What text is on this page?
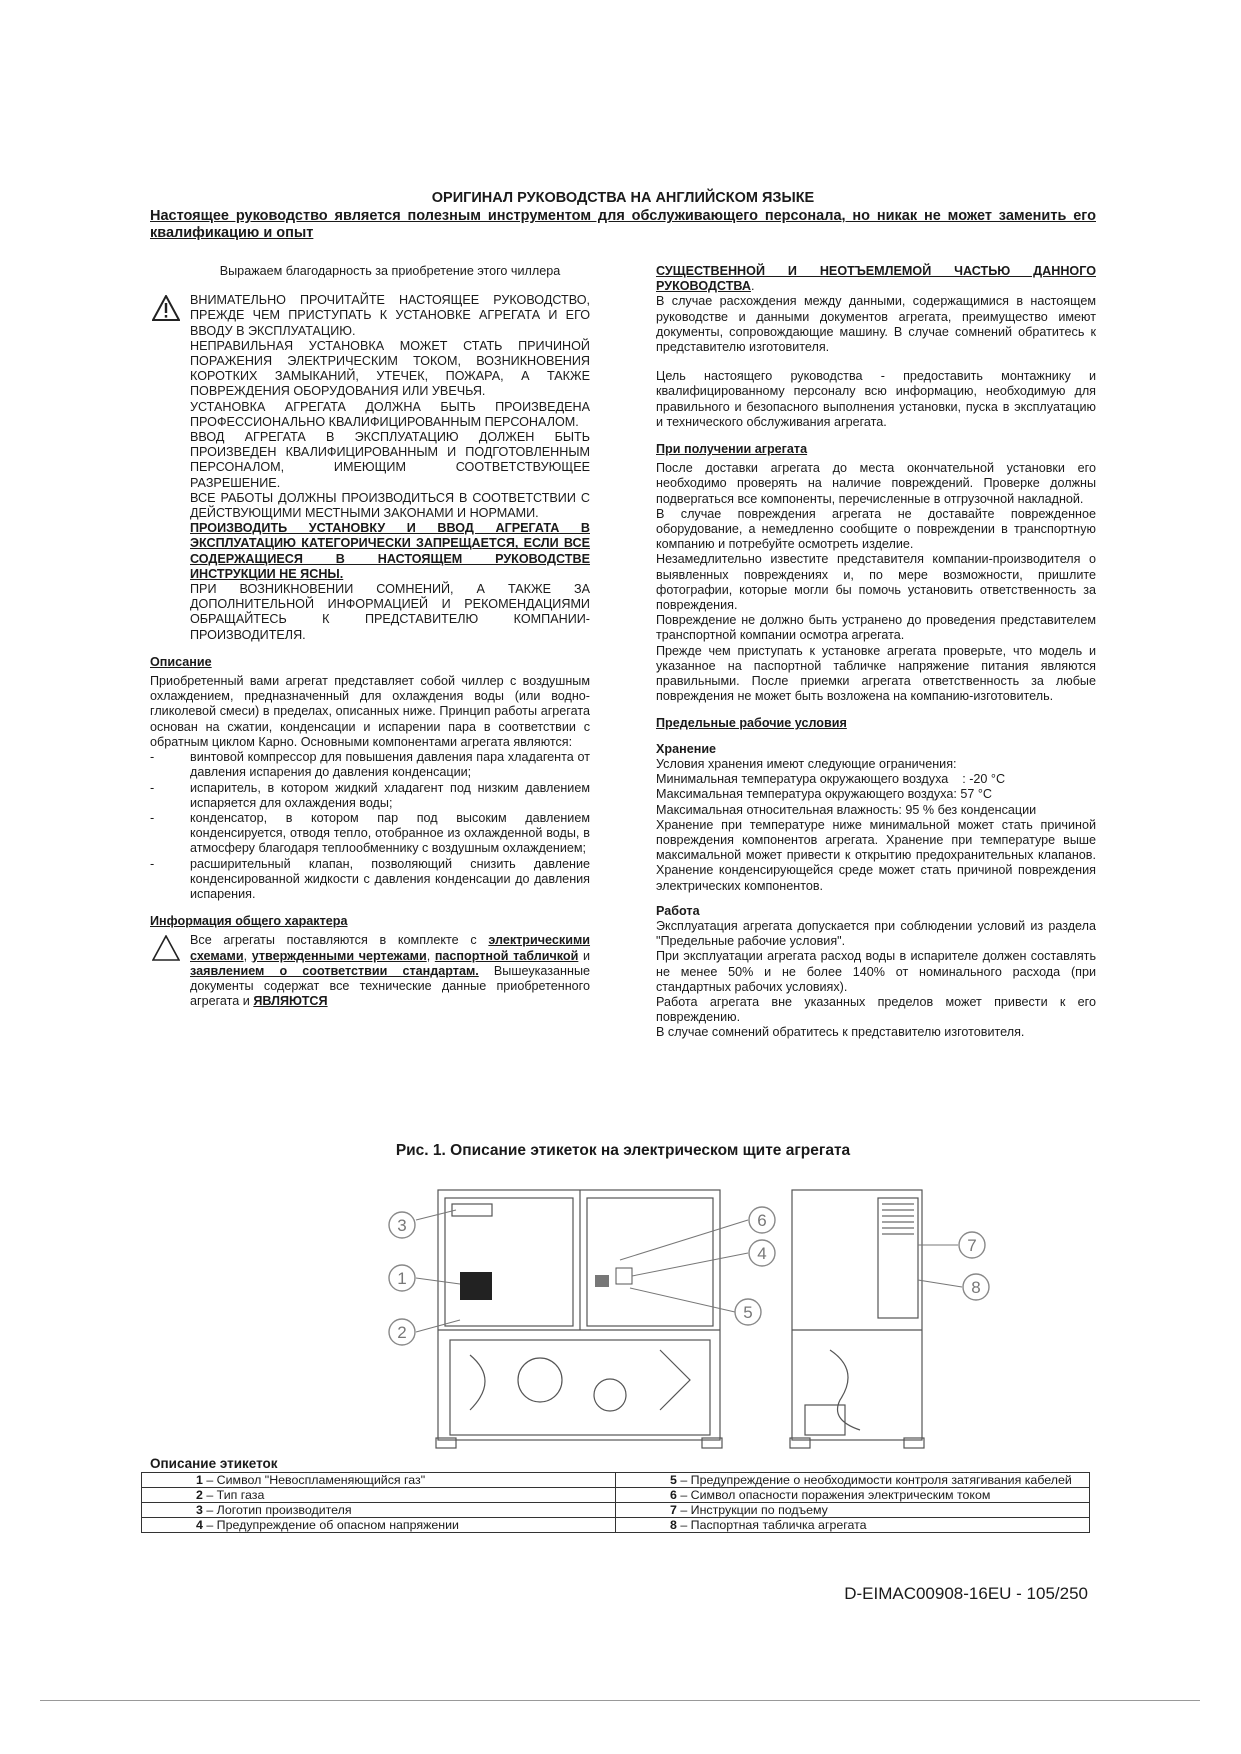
ОРИГИНАЛ РУКОВОДСТВА НА АНГЛИЙСКОМ ЯЗЫКЕ
Настоящее руководство является полезным инструментом для обслуживающего персонала, но никак не может заменить его квалификацию и опыт

Выражаем благодарность за приобретение этого чиллера

ВНИМАТЕЛЬНО ПРОЧИТАЙТЕ НАСТОЯЩЕЕ РУКОВОДСТВО, ПРЕЖДЕ ЧЕМ ПРИСТУПАТЬ К УСТАНОВКЕ АГРЕГАТА И ЕГО ВВОДУ В ЭКСПЛУАТАЦИЮ.

НЕПРАВИЛЬНАЯ УСТАНОВКА МОЖЕТ СТАТЬ ПРИЧИНОЙ ПОРАЖЕНИЯ ЭЛЕКТРИЧЕСКИМ ТОКОМ, ВОЗНИКНОВЕНИЯ КОРОТКИХ ЗАМЫКАНИЙ, УТЕЧЕК, ПОЖАРА, А ТАКЖЕ ПОВРЕЖДЕНИЯ ОБОРУДОВАНИЯ ИЛИ УВЕЧЬЯ.

УСТАНОВКА АГРЕГАТА ДОЛЖНА БЫТЬ ПРОИЗВЕДЕНА ПРОФЕССИОНАЛЬНО КВАЛИФИЦИРОВАННЫМ ПЕРСОНАЛОМ.

ВВОД АГРЕГАТА В ЭКСПЛУАТАЦИЮ ДОЛЖЕН БЫТЬ ПРОИЗВЕДЕН КВАЛИФИЦИРОВАННЫМ И ПОДГОТОВЛЕННЫМ ПЕРСОНАЛОМ, ИМЕЮЩИМ СООТВЕТСТВУЮЩЕЕ РАЗРЕШЕНИЕ.

ВСЕ РАБОТЫ ДОЛЖНЫ ПРОИЗВОДИТЬСЯ В СООТВЕТСТВИИ С ДЕЙСТВУЮЩИМИ МЕСТНЫМИ ЗАКОНАМИ И НОРМАМИ.

ПРОИЗВОДИТЬ УСТАНОВКУ И ВВОД АГРЕГАТА В ЭКСПЛУАТАЦИЮ КАТЕГОРИЧЕСКИ ЗАПРЕЩАЕТСЯ, ЕСЛИ ВСЕ СОДЕРЖАЩИЕСЯ В НАСТОЯЩЕМ РУКОВОДСТВЕ ИНСТРУКЦИИ НЕ ЯСНЫ.

ПРИ ВОЗНИКНОВЕНИИ СОМНЕНИЙ, А ТАКЖЕ ЗА ДОПОЛНИТЕЛЬНОЙ ИНФОРМАЦИЕЙ И РЕКОМЕНДАЦИЯМИ ОБРАЩАЙТЕСЬ К ПРЕДСТАВИТЕЛЮ КОМПАНИИ-ПРОИЗВОДИТЕЛЯ.

Описание

Приобретенный вами агрегат представляет собой чиллер с воздушным охлаждением, предназначенный для охлаждения воды (или водно-гликолевой смеси) в пределах, описанных ниже. Принцип работы агрегата основан на сжатии, конденсации и испарении пара в соответствии с обратным циклом Карно. Основными компонентами агрегата являются:

- винтовой компрессор для повышения давления пара хладагента от давления испарения до давления конденсации;
- испаритель, в котором жидкий хладагент под низким давлением испаряется для охлаждения воды;
- конденсатор, в котором пар под высоким давлением конденсируется, отводя тепло, отобранное из охлажденной воды, в атмосферу благодаря теплообменнику с воздушным охлаждением;
- расширительный клапан, позволяющий снизить давление конденсированной жидкости с давления конденсации до давления испарения.

Информация общего характера

Все агрегаты поставляются в комплекте с электрическими схемами, утвержденными чертежами, паспортной табличкой и заявлением о соответствии стандартам. Вышеуказанные документы содержат все технические данные приобретенного агрегата и ЯВЛЯЮТСЯ

СУЩЕСТВЕННОЙ И НЕОТЪЕМЛЕМОЙ ЧАСТЬЮ ДАННОГО РУКОВОДСТВА.

В случае расхождения между данными, содержащимися в настоящем руководстве и данными документов агрегата, преимущество имеют документы, сопровождающие машину. В случае сомнений обратитесь к представителю изготовителя.

Цель настоящего руководства - предоставить монтажнику и квалифицированному персоналу всю информацию, необходимую для правильного и безопасного выполнения установки, пуска в эксплуатацию и технического обслуживания агрегата.

При получении агрегата

После доставки агрегата до места окончательной установки его необходимо проверять на наличие повреждений. Проверке должны подвергаться все компоненты, перечисленные в отгрузочной накладной.

В случае повреждения агрегата не доставайте поврежденное оборудование, а немедленно сообщите о повреждении в транспортную компанию и потребуйте осмотреть изделие.

Незамедлительно известите представителя компании-производителя о выявленных повреждениях и, по мере возможности, пришлите фотографии, которые могли бы помочь установить ответственность за повреждения.

Повреждение не должно быть устранено до проведения представителем транспортной компании осмотра агрегата.

Прежде чем приступать к установке агрегата проверьте, что модель и указанное на паспортной табличке напряжение питания являются правильными. После приемки агрегата ответственность за любые повреждения не может быть возложена на компанию-изготовитель.

Предельные рабочие условия

Хранение

Условия хранения имеют следующие ограничения:

Минимальная температура окружающего воздуха : -20 °C

Максимальная температура окружающего воздуха: 57 °C

Максимальная относительная влажность: 95 % без конденсации

Хранение при температуре ниже минимальной может стать причиной повреждения компонентов агрегата. Хранение при температуре выше максимальной может привести к открытию предохранительных клапанов. Хранение конденсирующейся среде может стать причиной повреждения электрических компонентов.

Работа

Эксплуатация агрегата допускается при соблюдении условий из раздела "Предельные рабочие условия".

При эксплуатации агрегата расход воды в испарителе должен составлять не менее 50% и не более 140% от номинального расхода (при стандартных рабочих условиях).

Работа агрегата вне указанных пределов может привести к его повреждению.

В случае сомнений обратитесь к представителю изготовителя.

Рис. 1. Описание этикеток на электрическом щите агрегата
3
1
2
6
4
5
7
8
Описание этикеток
1 – Символ "Невоспламеняющийся газ"	5 – Предупреждение о необходимости контроля затягивания кабелей
2 – Тип газа	6 – Символ опасности поражения электрическим током
3 – Логотип производителя	7 – Инструкции по подъему
4 – Предупреждение об опасном напряжении	8 – Паспортная табличка агрегата
D-EIMAC00908-16EU - 105/250
